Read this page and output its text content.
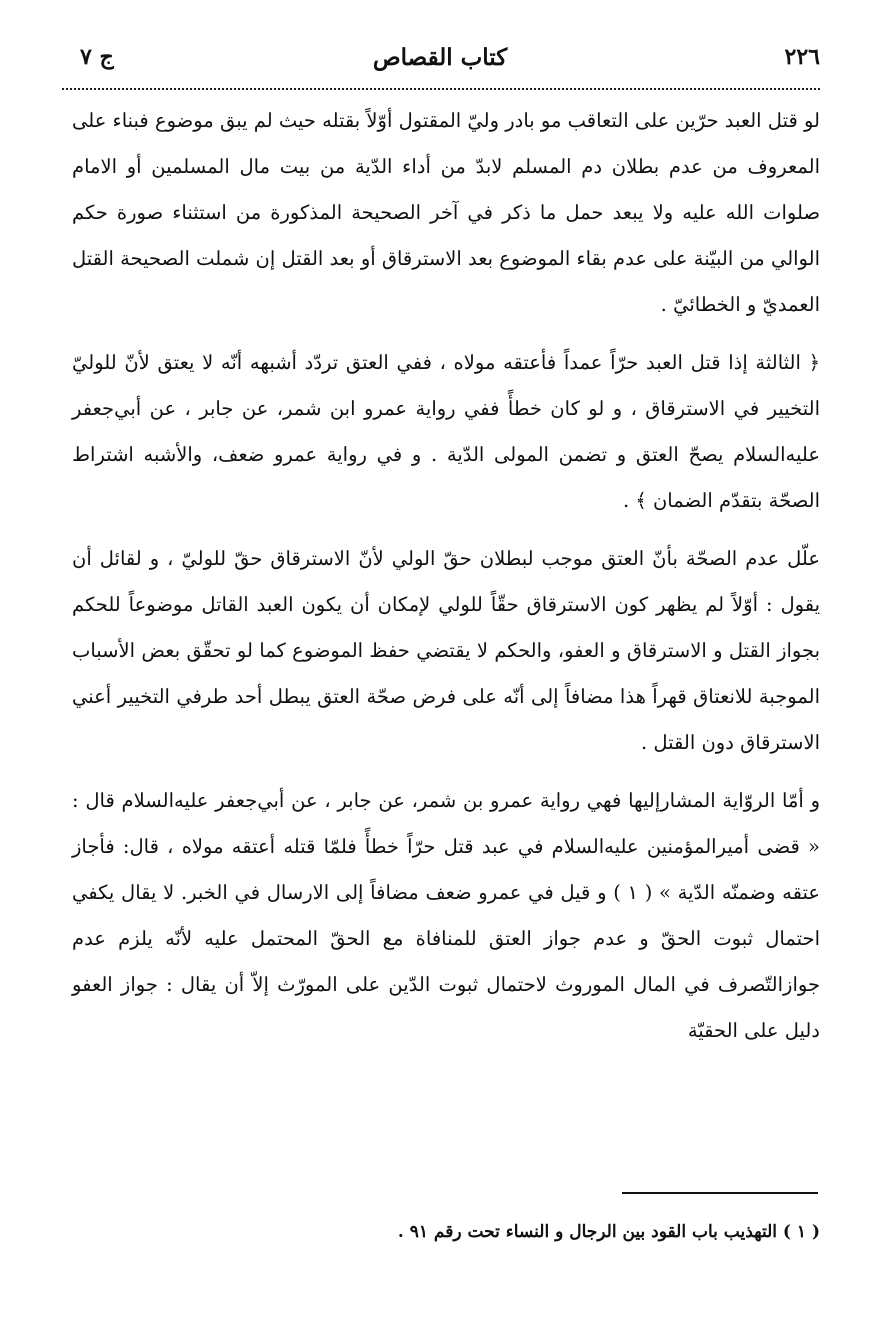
٢٢٦
كتاب القصاص
ج ٧

لو قتل العبد حرّين على التعاقب مو بادر وليّ المقتول أوّلاً بقتله حيث لم يبق موضوع فبناء على المعروف من عدم بطلان دم المسلم لابدّ من أداء الدّية من بيت مال المسلمين أو الامام صلوات الله عليه ولا يبعد حمل ما ذكر في آخر الصحيحة المذكورة من استثناء صورة حكم الوالي من البيّنة على عدم بقاء الموضوع بعد الاسترقاق أو بعد القتل إن شملت الصحيحة القتل العمديّ و الخطائيّ .

﴿ الثالثة إذا قتل العبد حرّاً عمداً فأعتقه مولاه ، ففي العتق تردّد أشبهه أنّه لا يعتق لأنّ للوليّ التخيير في الاسترقاق ، و لو كان خطأً ففي رواية عمرو ابن شمر، عن جابر ، عن أبي‌جعفر عليه‌السلام يصحّ العتق و تضمن المولى الدّية . و في رواية عمرو ضعف، والأشبه اشتراط الصحّة بتقدّم الضمان ﴾ .

علّل عدم الصحّة بأنّ العتق موجب لبطلان حقّ الولي لأنّ الاسترقاق حقّ للوليّ ، و لقائل أن يقول : أوّلاً لم يظهر كون الاسترقاق حقّاً للولي لإمكان أن يكون العبد القاتل موضوعاً للحكم بجواز القتل و الاسترقاق و العفو، والحكم لا يقتضي حفظ الموضوع كما لو تحقّق بعض الأسباب الموجبة للانعتاق قهراً هذا مضافاً إلى أنّه على فرض صحّة العتق يبطل أحد طرفي التخيير أعني الاسترقاق دون القتل .

و أمّا الروّاية المشارإليها فهي رواية عمرو بن شمر، عن جابر ، عن أبي‌جعفر عليه‌السلام قال : « قضى أميرالمؤمنين عليه‌السلام في عبد قتل حرّاً خطأً فلمّا قتله أعتقه مولاه ، قال: فأجاز عتقه وضمنّه الدّية » ( ١ ) و قيل في عمرو ضعف مضافاً إلى الارسال في الخبر. لا يقال يكفي احتمال ثبوت الحقّ و عدم جواز العتق للمنافاة مع الحقّ المحتمل عليه لأنّه يلزم عدم جوازالتّصرف في المال الموروث لاحتمال ثبوت الدّين على المورّث إلاّ أن يقال : جواز العفو دليل على الحقيّة

( ١ ) التهذيب باب القود بين الرجال و النساء تحت رقم ٩١ .
